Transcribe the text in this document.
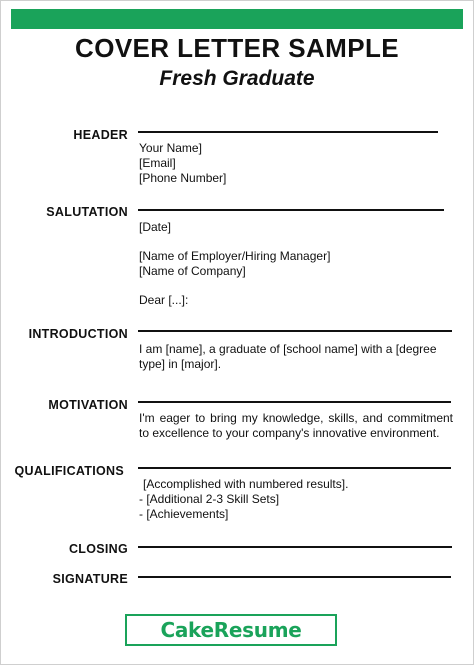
COVER LETTER SAMPLE
Fresh Graduate
HEADER
Your Name]
[Email]
[Phone Number]
SALUTATION
[Date]
[Name of Employer/Hiring Manager]
[Name of Company]
Dear [...]:
INTRODUCTION
I am [name], a graduate of [school name] with a [degree type] in [major].
MOTIVATION
I'm eager to bring my knowledge, skills, and commitment to excellence to your company's innovative environment.
QUALIFICATIONS
[Accomplished with numbered results].
- [Additional 2-3 Skill Sets]
- [Achievements]
CLOSING
SIGNATURE
CakeResume
